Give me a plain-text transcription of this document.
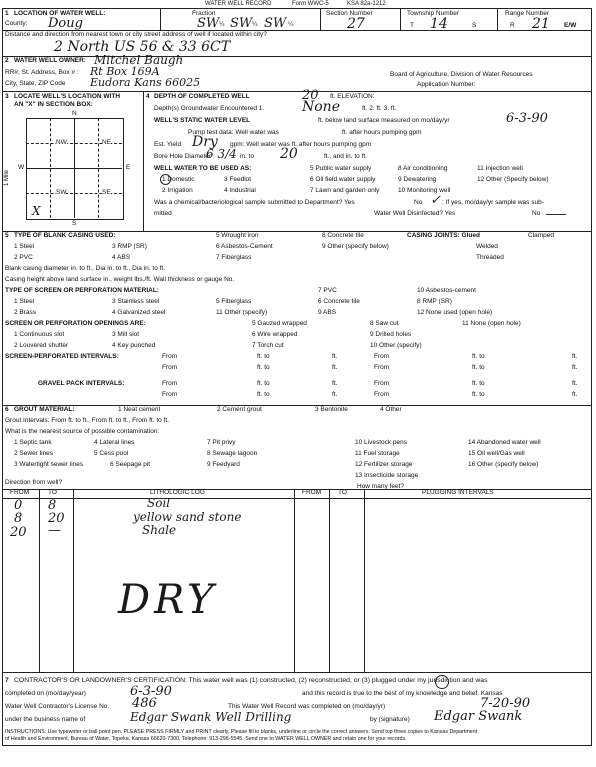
WATER WELL RECORD	Form WWC-5	KSA 82a-1212
1 LOCATION OF WATER WELL:	Fraction	Section Number	Township Number	Range Number
County: Doug	SW ¼ SW ¼ SW ¼	27	T 14	S	R 21 E/W
Distance and direction from nearest town or city street address of well if located within city?
2 North US 56 & 33 6CT
2 WATER WELL OWNER: Mitchel Baugh
RR#, St. Address, Box # : Rt Box 169A
City, State, ZIP Code Eudora Kans 66025
Board of Agriculture, Division of Water Resources
Application Number:
3 LOCATE WELL'S LOCATION WITH
AN "X" IN SECTION BOX:
N
S
W	E
NW	NE
SW	SE
X
1 Mile
4 DEPTH OF COMPLETED WELL	20 ft. ELEVATION:
Depth(s) Groundwater Encountered 1.	None	ft. 2. ft. 3. ft.
WELL'S STATIC WATER LEVEL	ft. below land surface measured on mo/day/yr	6-3-90
Pump test data: Well water was	ft. after hours pumping gpm
Est. Yield Dry gpm: Well water was ft. after hours pumping gpm
Bore Hole Diameter
6 3/4 in. to 20	ft., and in. to ft.
WELL WATER TO BE USED AS:	5 Public water supply	8 Air conditioning	11 Injection well
1 Domestic	3 Feedlot	6 Oil field water supply	9 Dewatering	12 Other (Specify below)
2 Irrigation	4 Industrial	7 Lawn and garden only	10 Monitoring well
Was a chemical/bacteriological sample submitted to Department? Yes	No ✓ ; If yes, mo/day/yr sample was sub-
mitted	Water Well Disinfected? Yes	No
5 TYPE OF BLANK CASING USED:	5 Wrought iron	8 Concrete tile	CASING JOINTS: Glued	Clamped
1 Steel	3 RMP (SR)	6 Asbestos-Cement	9 Other (specify below)	Welded
2 PVC	4 ABS	7 Fiberglass	Threaded
Blank casing diameter in. to ft., Dia in. to ft., Dia in. to ft.
Casing height above land surface in., weight lbs./ft. Wall thickness or gauge No.
TYPE OF SCREEN OR PERFORATION MATERIAL:	7 PVC	10 Asbestos-cement
1 Steel	3 Stainless steel	5 Fiberglass	6 Concrete tile	8 RMP (SR)
2 Brass	4 Galvanized steel	11 Other (specify)	9 ABS	12 None used (open hole)
SCREEN OR PERFORATION OPENINGS ARE:	5 Gauzed wrapped	8 Saw cut	11 None (open hole)
1 Continuous slot	3 Mill slot	6 Wire wrapped	9 Drilled holes
2 Louvered shutter	4 Key punched	7 Torch cut	10 Other (specify)
SCREEN-PERFORATED INTERVALS:	From	ft. to	ft.	From	ft. to	ft.
From	ft. to	ft.	From	ft. to	ft.
GRAVEL PACK INTERVALS:	From	ft. to	ft.	From	ft. to	ft.
From	ft. to	ft.	From	ft. to	ft.
6 GROUT MATERIAL:	1 Neat cement	2 Cement grout	3 Bentonite	4 Other
Grout Intervals: From ft. to ft., From ft. to ft., From ft. to ft.
What is the nearest source of possible contamination:
1 Septic tank	4 Lateral lines	7 Pit privy	10 Livestock pens	14 Abandoned water well
2 Sewer lines	5 Cess pool	8 Sewage lagoon	11 Fuel storage	15 Oil well/Gas well
3 Watertight sewer lines	6 Seepage pit	9 Feedyard	12 Fertilizer storage	16 Other (specify below)
13 Insecticide storage
Direction from well?
How many feet?
FROM	TO	LITHOLOGIC LOG	FROM	TO	PLUGGING INTERVALS
0 8	Soil
8 20	yellow sand stone
20 —	Shale
DRY
7 CONTRACTOR'S OR LANDOWNER'S CERTIFICATION: This water well was (1) constructed, (2) reconstructed, or (3) plugged under my jurisdiction and was
completed on (mo/day/year)	6-3-90	and this record is true to the best of my knowledge and belief. Kansas
Water Well Contractor's License No. 486	This Water Well Record was completed on (mo/day/yr)	7-20-90
under the business name of	Edgar Swank Well Drilling	by (signature) Edgar Swank
INSTRUCTIONS: Use typewriter or ball point pen. PLEASE PRESS FIRMLY and PRINT clearly. Please fill in blanks, underline or circle the correct answers. Send top three copies to Kansas Department
of Health and Environment, Bureau of Water, Topeka, Kansas 66620-7300. Telephone: 913-296-5545. Send one to WATER WELL OWNER and retain one for your records.
